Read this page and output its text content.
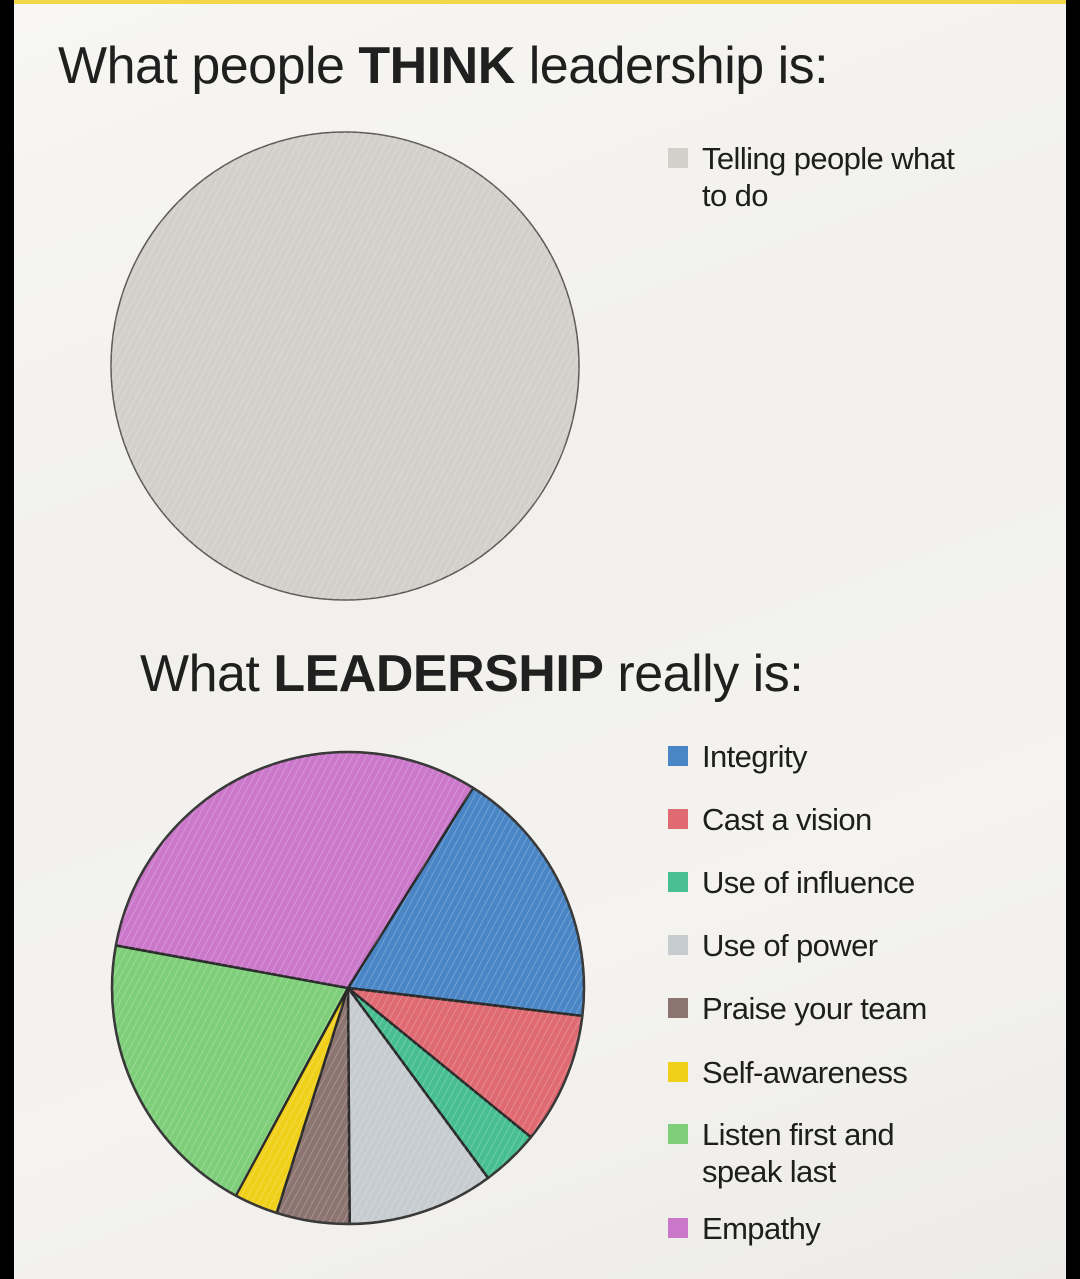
What people THINK leadership is:
What LEADERSHIP really is:
Telling people what to do
Integrity
Cast a vision
Use of influence
Use of power
Praise your team
Self-awareness
Listen first and speak last
Empathy
